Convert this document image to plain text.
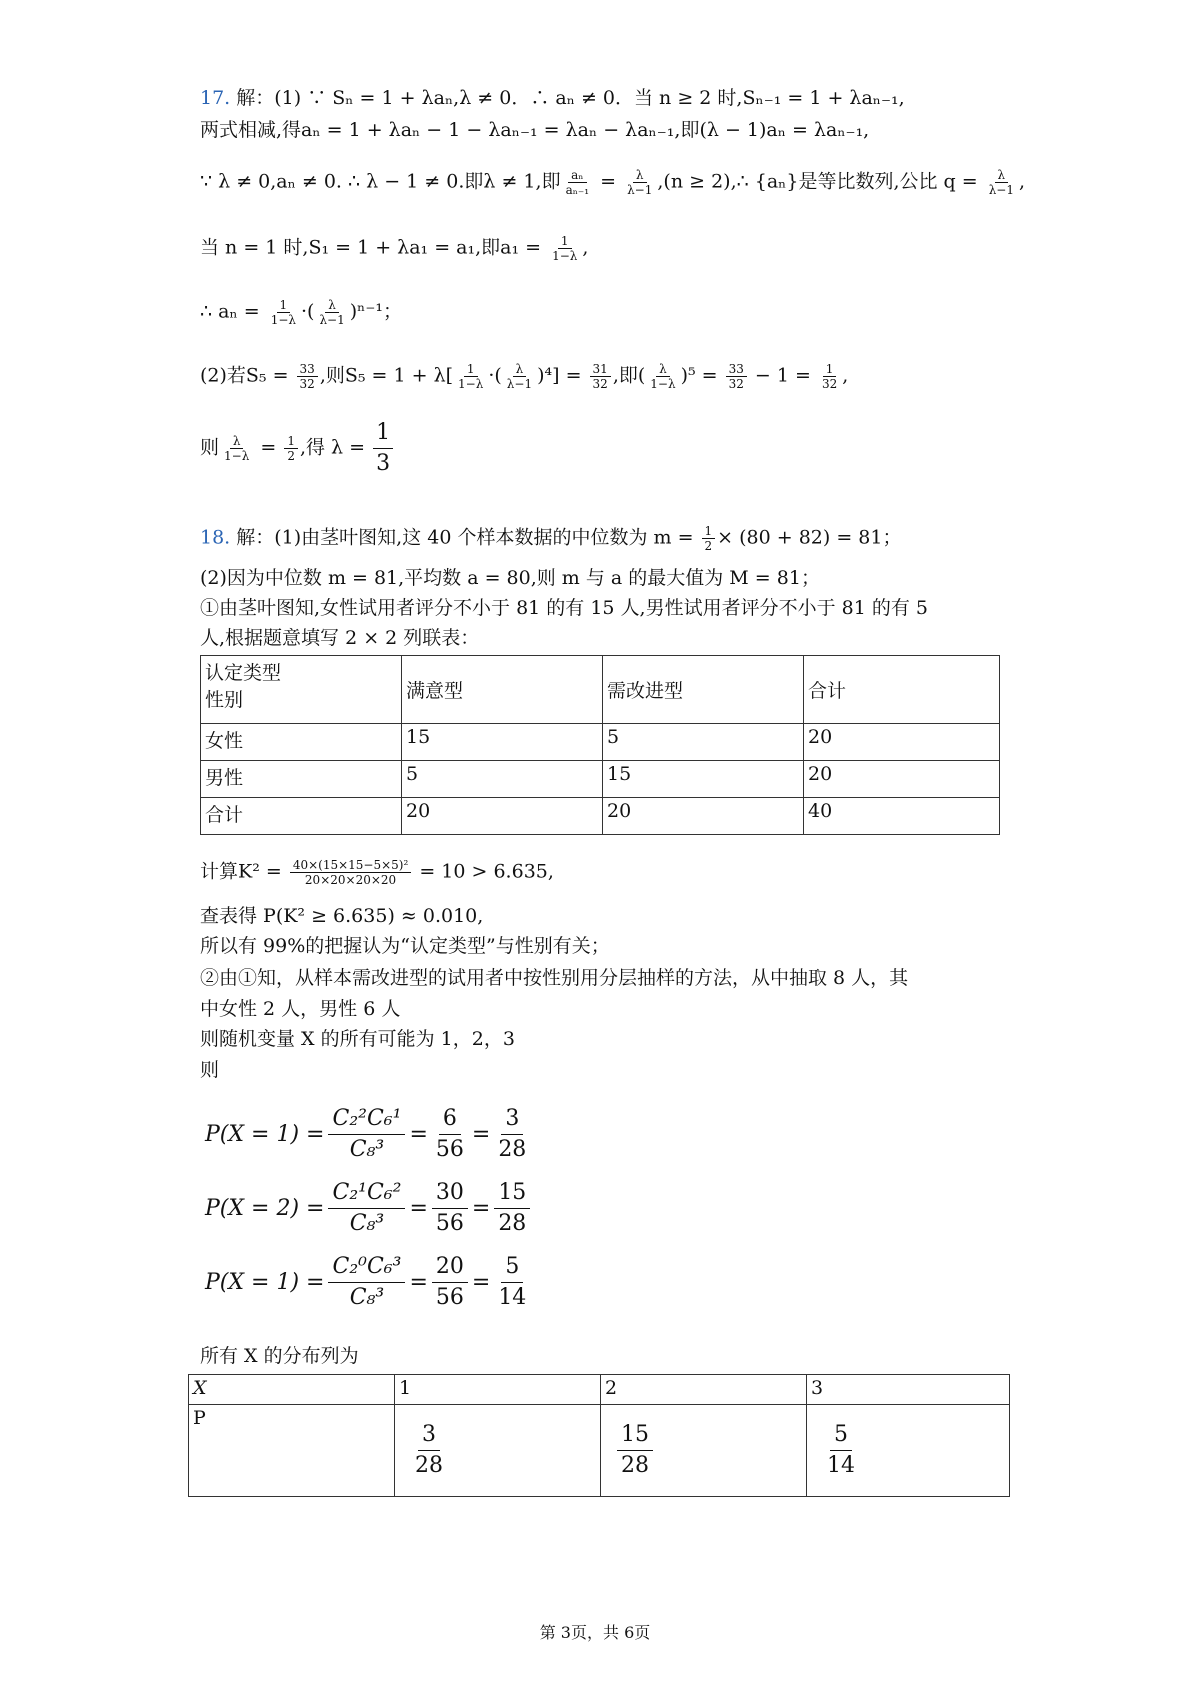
17. 解：(1) ∵ Sₙ = 1 + λaₙ,λ ≠ 0．∴ aₙ ≠ 0．当 n ≥ 2 时,Sₙ₋₁ = 1 + λaₙ₋₁,
两式相减,得aₙ = 1 + λaₙ − 1 − λaₙ₋₁ = λaₙ − λaₙ₋₁,即(λ − 1)aₙ = λaₙ₋₁,
∵ λ ≠ 0,aₙ ≠ 0. ∴ λ − 1 ≠ 0.即λ ≠ 1,即 $\frac{\text{aₙ}}{\text{aₙ₋₁}} = \frac{\lambda}{\lambda-1} ,(n$ ≥ 2),∴ {aₙ}是等比数列,公比 $q = \frac{\lambda}{\lambda-1}$ ,
当 n = 1 时,S₁ = 1 + λa₁ = a₁,即$a_1 = \frac{1}{1-\lambda}$ ,
∴ $a_n = \frac{1}{1-\lambda}$ ·( $\frac{\lambda}{\lambda-1} )^{n-1}$；
(2)若$S_5 = \frac{33}{32}$ ,则$S_5 = 1 + \lambda[ \frac{1}{1-\lambda}$ ·( $\frac{\lambda}{\lambda-1} )^4] = \frac{31}{32}$ ,即( $\frac{\lambda}{1-\lambda} )^5 = \frac{33}{32} - 1 = \frac{1}{32}$ ,
则 $\frac{\lambda}{1-\lambda} = \frac{1}{2}$ ,得 $\lambda = \frac{1}{3}$
18. 解：(1)由茎叶图知,这 40 个样本数据的中位数为 $m = \frac{1}{2} \times (80 + 82) = 81$；
(2)因为中位数 m = 81,平均数 a = 80,则 m 与 a 的最大值为 M = 81；
①由茎叶图知,女性试用者评分不小于 81 的有 15 人,男性试用者评分不小于 81 的有 5
人,根据题意填写 2 × 2 列联表：
认定类型
性别	满意型	需改进型	合计
女性	15	5	20
男性	5	15	20
合计	20	20	40
计算$K^2 = \frac{\text{40×(15×15−5×5)²}}{20\times 20\times 20\times 20} = 10 > 6.635$,
查表得 P(K² ≥ 6.635) ≈ 0.010,
所以有 99%的把握认为“认定类型”与性别有关；
②由①知，从样本需改进型的试用者中按性别用分层抽样的方法，从中抽取 8 人，其
中女性 2 人，男性 6 人
则随机变量 X 的所有可能为 1，2，3
则
$P(X = 1) = \frac{\text{C₂²C₆¹}}{\text{C₈³}} = \frac{6}{56} = \frac{3}{28}$
$P(X = 2) = \frac{\text{C₂¹C₆²}}{\text{C₈³}} = \frac{30}{56} = \frac{15}{28}$
$P(X = 1) = \frac{\text{C₂⁰C₆³}}{\text{C₈³}} = \frac{20}{56} = \frac{5}{14}$
所有 X 的分布列为
X	1	2	3
P	$\frac{3}{28}$	$\frac{15}{28}$	$\frac{5}{14}$
第 3页，共 6页
